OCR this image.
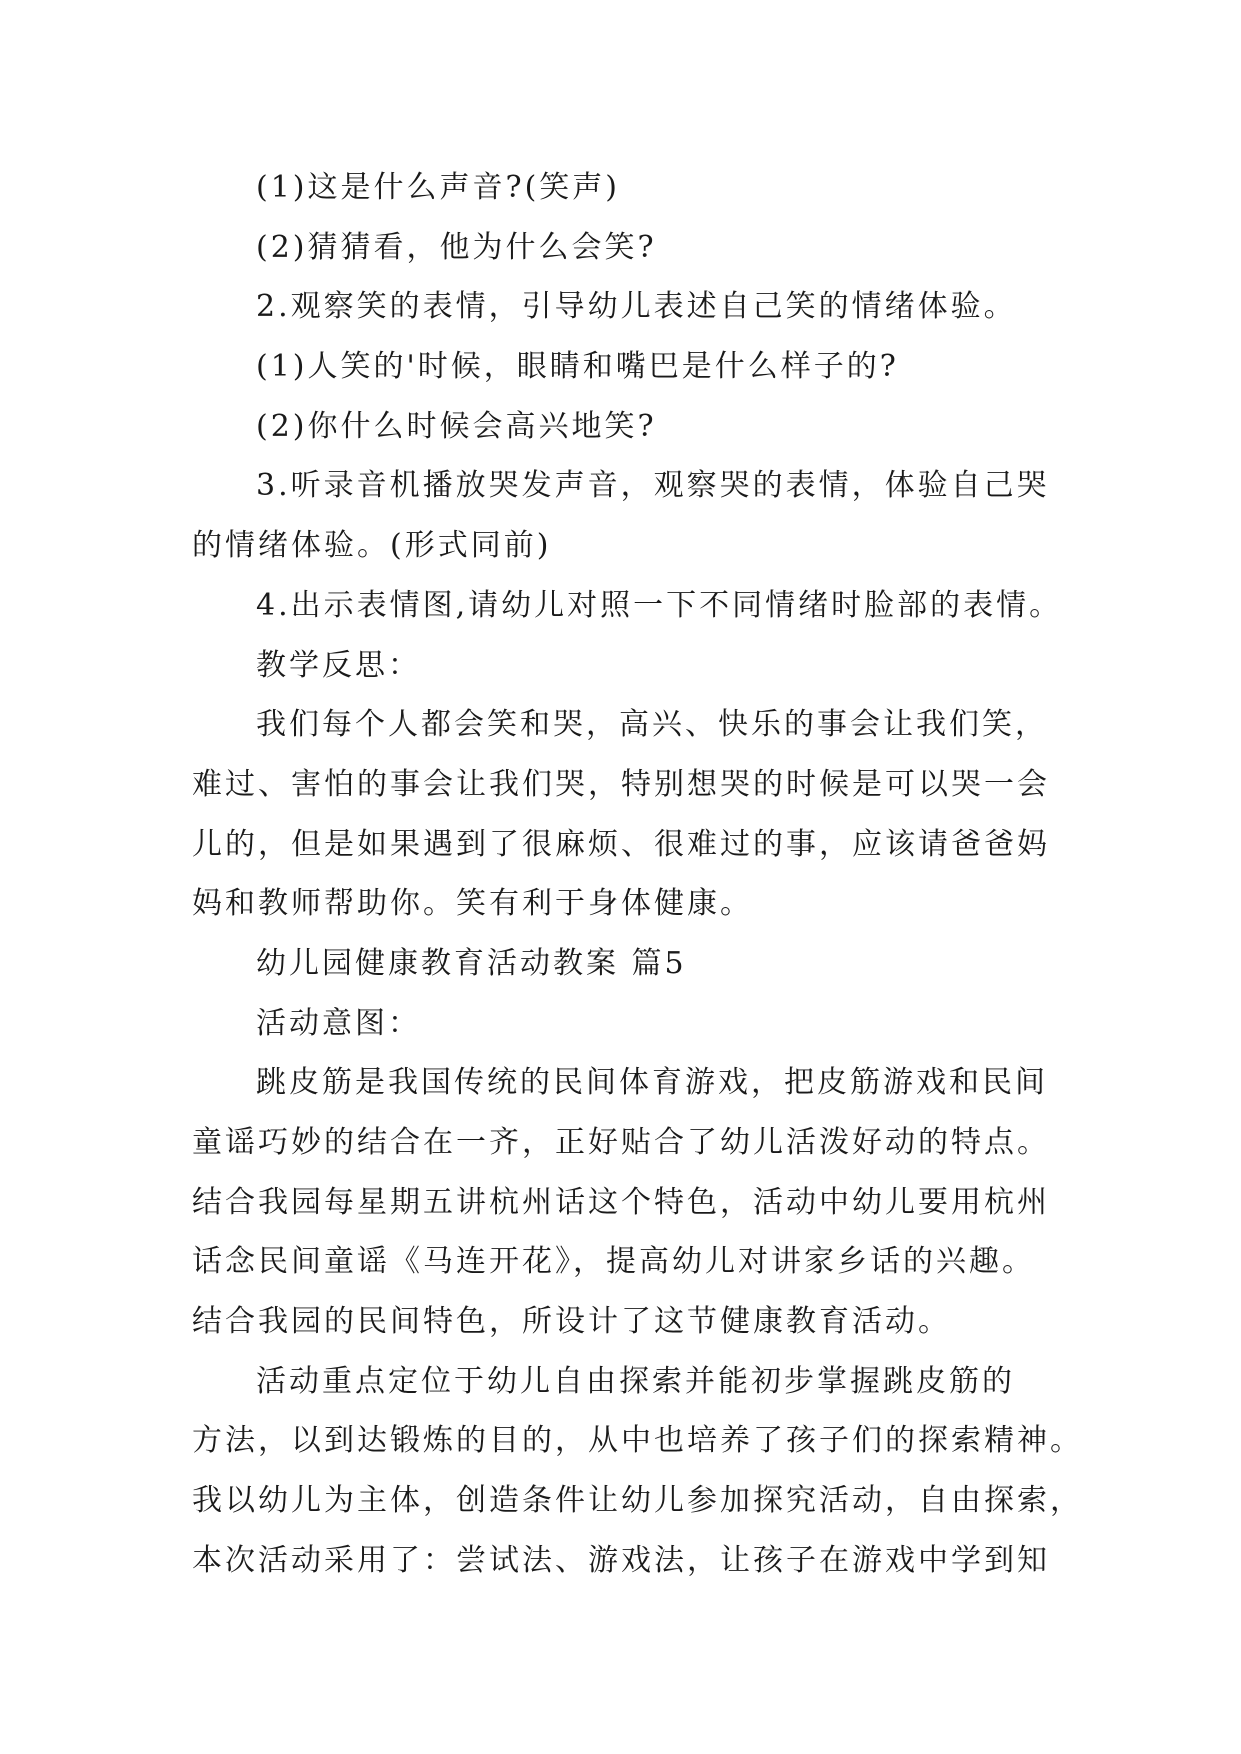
(1)这是什么声音?(笑声)
(2)猜猜看，他为什么会笑?
2.观察笑的表情，引导幼儿表述自己笑的情绪体验。
(1)人笑的'时候，眼睛和嘴巴是什么样子的?
(2)你什么时候会高兴地笑?
3.听录音机播放哭发声音，观察哭的表情，体验自己哭
的情绪体验。(形式同前)
4.出示表情图,请幼儿对照一下不同情绪时脸部的表情。
教学反思：
我们每个人都会笑和哭，高兴、快乐的事会让我们笑，
难过、害怕的事会让我们哭，特别想哭的时候是可以哭一会
儿的，但是如果遇到了很麻烦、很难过的事，应该请爸爸妈
妈和教师帮助你。笑有利于身体健康。
幼儿园健康教育活动教案 篇5
活动意图：
跳皮筋是我国传统的民间体育游戏，把皮筋游戏和民间
童谣巧妙的结合在一齐，正好贴合了幼儿活泼好动的特点。
结合我园每星期五讲杭州话这个特色，活动中幼儿要用杭州
话念民间童谣《马连开花》，提高幼儿对讲家乡话的兴趣。
结合我园的民间特色，所设计了这节健康教育活动。
活动重点定位于幼儿自由探索并能初步掌握跳皮筋的
方法，以到达锻炼的目的，从中也培养了孩子们的探索精神。
我以幼儿为主体，创造条件让幼儿参加探究活动，自由探索，
本次活动采用了：尝试法、游戏法，让孩子在游戏中学到知
